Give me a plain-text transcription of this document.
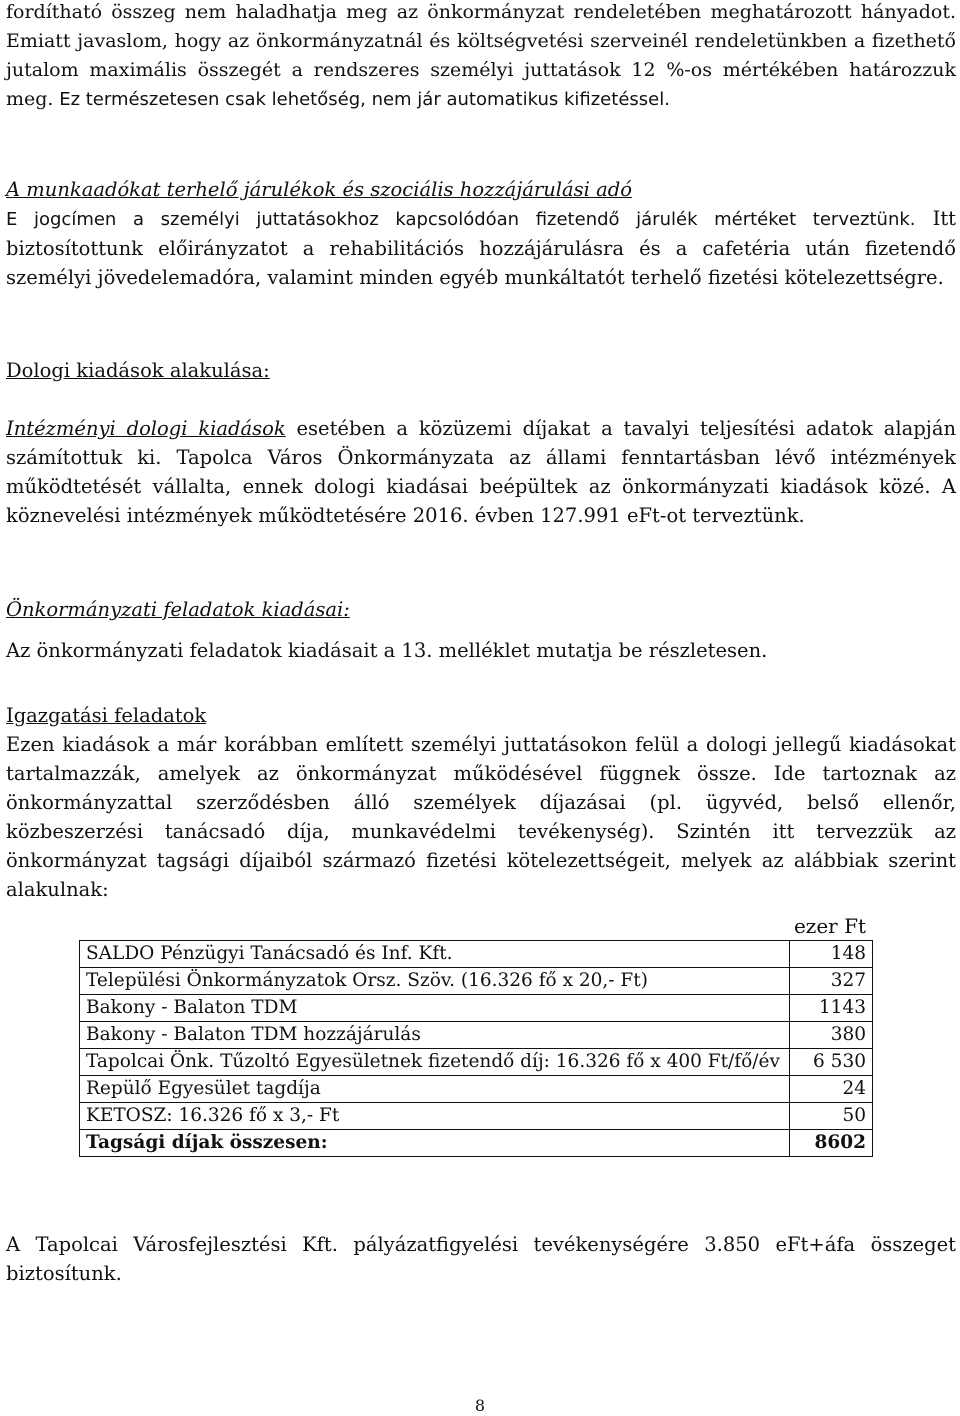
fordítható összeg nem haladhatja meg az önkormányzat rendeletében meghatározott hányadot. Emiatt javaslom, hogy az önkormányzatnál és költségvetési szerveinél rendeletünkben a fizethető jutalom maximális összegét a rendszeres személyi juttatások 12 %-os mértékében határozzuk meg. Ez természetesen csak lehetőség, nem jár automatikus kifizetéssel.

A munkaadókat terhelő járulékok és szociális hozzájárulási adó

E jogcímen a személyi juttatásokhoz kapcsolódóan fizetendő járulék mértéket terveztünk. Itt biztosítottunk előirányzatot a rehabilitációs hozzájárulásra és a cafetéria után fizetendő személyi jövedelemadóra, valamint minden egyéb munkáltatót terhelő fizetési kötelezettségre.

Dologi kiadások alakulása:

Intézményi dologi kiadások esetében a közüzemi díjakat a tavalyi teljesítési adatok alapján számítottuk ki. Tapolca Város Önkormányzata az állami fenntartásban lévő intézmények működtetését vállalta, ennek dologi kiadásai beépültek az önkormányzati kiadások közé. A köznevelési intézmények működtetésére 2016. évben 127.991 eFt-ot terveztünk.

Önkormányzati feladatok kiadásai:

Az önkormányzati feladatok kiadásait a 13. melléklet mutatja be részletesen.

Igazgatási feladatok

Ezen kiadások a már korábban említett személyi juttatásokon felül a dologi jellegű kiadásokat tartalmazzák, amelyek az önkormányzat működésével függnek össze. Ide tartoznak az önkormányzattal szerződésben álló személyek díjazásai (pl. ügyvéd, belső ellenőr, közbeszerzési tanácsadó díja, munkavédelmi tevékenység). Szintén itt tervezzük az önkormányzat tagsági díjaiból származó fizetési kötelezettségeit, melyek az alábbiak szerint alakulnak:

ezer Ft
SALDO Pénzügyi Tanácsadó és Inf. Kft.	148
Települési Önkormányzatok Orsz. Szöv. (16.326 fő x 20,- Ft)	327
Bakony - Balaton TDM	1143
Bakony - Balaton TDM hozzájárulás	380
Tapolcai Önk. Tűzoltó Egyesületnek fizetendő díj: 16.326 fő x 400 Ft/fő/év	6 530
Repülő Egyesület tagdíja	24
KETOSZ: 16.326 fő x 3,- Ft	50
Tagsági díjak összesen:	8602

A Tapolcai Városfejlesztési Kft. pályázatfigyelési tevékenységére 3.850 eFt+áfa összeget biztosítunk.

8
